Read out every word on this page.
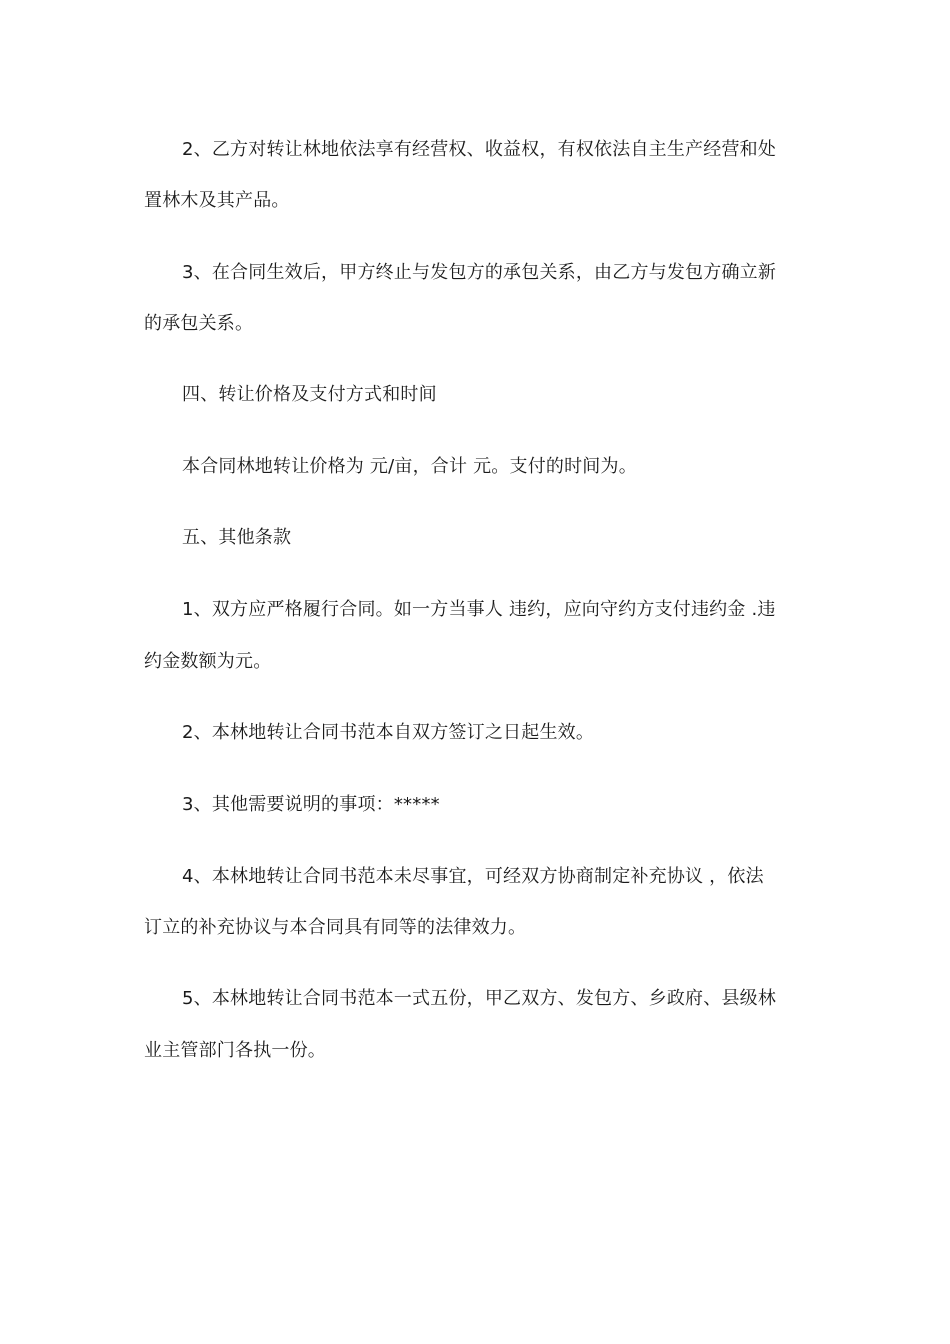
2、乙方对转让林地依法享有经营权、收益权，有权依法自主生产经营和处
置林木及其产品。
3、在合同生效后，甲方终止与发包方的承包关系，由乙方与发包方确立新
的承包关系。
四、转让价格及支付方式和时间
本合同林地转让价格为 元/亩，合计 元。支付的时间为。
五、其他条款
1、双方应严格履行合同。如一方当事人 违约，应向守约方支付违约金 .违
约金数额为元。
2、本林地转让合同书范本自双方签订之日起生效。
3、其他需要说明的事项：*****
4、本林地转让合同书范本未尽事宜，可经双方协商制定补充协议 ，依法
订立的补充协议与本合同具有同等的法律效力。
5、本林地转让合同书范本一式五份，甲乙双方、发包方、乡政府、县级林
业主管部门各执一份。
